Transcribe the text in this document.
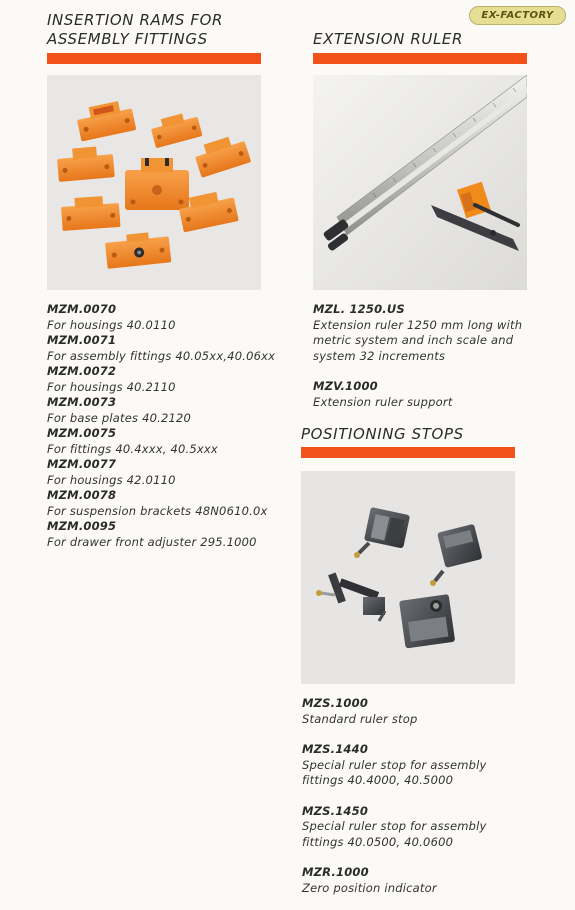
EX-FACTORY
INSERTION RAMS FOR
ASSEMBLY FITTINGS
MZM.0070
For housings 40.0110
MZM.0071
For assembly fittings 40.05xx,40.06xx
MZM.0072
For housings 40.2110
MZM.0073
For base plates 40.2120
MZM.0075
For fittings 40.4xxx, 40.5xxx
MZM.0077
For housings 42.0110
MZM.0078
For suspension brackets 48N0610.0x
MZM.0095
For drawer front adjuster 295.1000
EXTENSION RULER
MZL. 1250.US
Extension ruler 1250 mm long with
metric system and inch scale and
system 32 increments
MZV.1000
Extension ruler support
POSITIONING STOPS
MZS.1000
Standard ruler stop
MZS.1440
Special ruler stop for assembly
fittings 40.4000, 40.5000
MZS.1450
Special ruler stop for assembly
fittings 40.0500, 40.0600
MZR.1000
Zero position indicator
